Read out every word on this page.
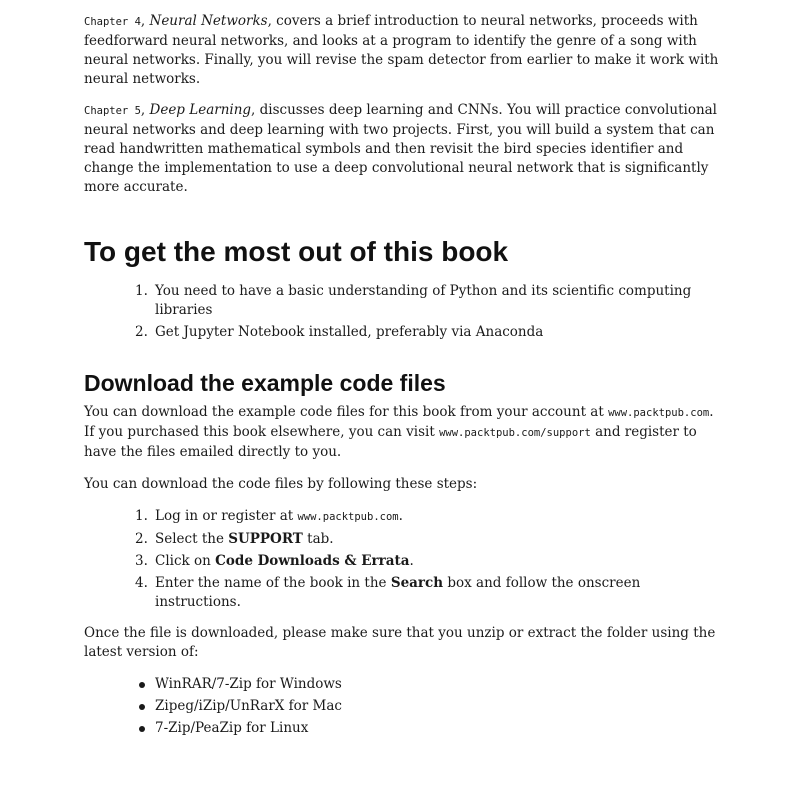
Chapter 4, Neural Networks, covers a brief introduction to neural networks, proceeds with feedforward neural networks, and looks at a program to identify the genre of a song with neural networks. Finally, you will revise the spam detector from earlier to make it work with neural networks.

Chapter 5, Deep Learning, discusses deep learning and CNNs. You will practice convolutional neural networks and deep learning with two projects. First, you will build a system that can read handwritten mathematical symbols and then revisit the bird species identifier and change the implementation to use a deep convolutional neural network that is significantly more accurate.

To get the most out of this book
1. You need to have a basic understanding of Python and its scientific computing libraries
2. Get Jupyter Notebook installed, preferably via Anaconda
Download the example code files

You can download the example code files for this book from your account at www.packtpub.com. If you purchased this book elsewhere, you can visit www.packtpub.com/support and register to have the files emailed directly to you.

You can download the code files by following these steps:

1. Log in or register at www.packtpub.com.
2. Select the SUPPORT tab.
3. Click on Code Downloads & Errata.
4. Enter the name of the book in the Search box and follow the onscreen instructions.

Once the file is downloaded, please make sure that you unzip or extract the folder using the latest version of:

WinRAR/7-Zip for Windows
Zipeg/iZip/UnRarX for Mac
7-Zip/PeaZip for Linux
